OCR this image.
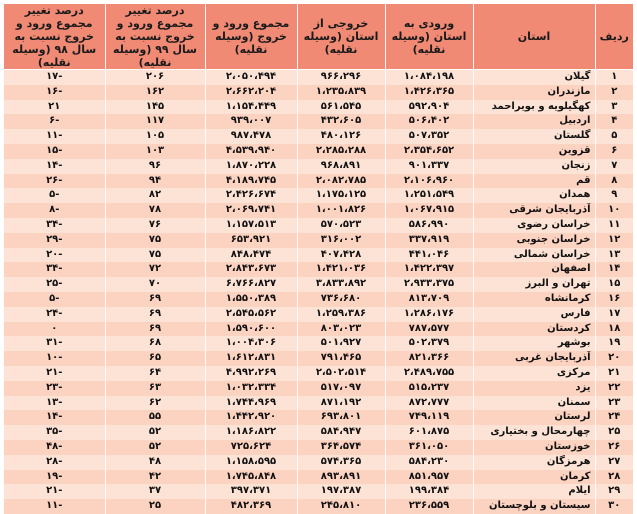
ردیف	استان	ورودی به استان (وسیله نقلیه)	خروجی از استان (وسیله نقلیه)	مجموع ورود و خروج (وسیله نقلیه)	درصد تغییر مجموع ورود و خروج نسبت به سال ۹۹ (وسیله نقلیه)	درصد تغییر مجموع ورود و خروج نسبت به سال ۹۸ (وسیله نقلیه)
۱	گیلان	۱،۰۸۴،۱۹۸	۹۶۶،۲۹۶	۲،۰۵۰،۴۹۴	۲۰۶	-۱۷
۲	مازندران	۱،۴۲۶،۳۶۵	۱،۲۳۵،۸۳۹	۲،۶۶۲،۲۰۴	۱۶۲	-۱۶
۳	کهگیلویه و بویراحمد	۵۹۲،۹۰۴	۵۶۱،۵۴۵	۱،۱۵۴،۴۴۹	۱۴۵	۲۱
۴	اردبیل	۵۰۶،۴۰۲	۴۳۲،۶۰۵	۹۳۹،۰۰۷	۱۱۷	-۶
۵	گلستان	۵۰۷،۳۵۲	۴۸۰،۱۲۶	۹۸۷،۴۷۸	۱۰۵	-۱۱
۶	قزوین	۲،۳۵۴،۶۵۲	۲،۲۸۵،۲۸۸	۴،۵۳۹،۹۴۰	۱۰۳	-۱۵
۷	زنجان	۹۰۱،۳۳۷	۹۶۸،۸۹۱	۱،۸۷۰،۲۲۸	۹۶	-۱۴
۸	قم	۲،۱۰۶،۹۶۰	۲،۰۸۲،۷۸۵	۴،۱۸۹،۷۴۵	۹۴	-۲۶
۹	همدان	۱،۲۵۱،۵۴۹	۱،۱۷۵،۱۲۵	۲،۴۲۶،۶۷۴	۸۲	-۵
۱۰	آذربایجان شرقی	۱،۰۶۷،۹۱۵	۱،۰۰۱،۸۲۶	۲،۰۶۹،۷۴۱	۷۸	-۸
۱۱	خراسان رضوی	۵۸۶،۹۹۰	۵۷۰،۵۲۳	۱،۱۵۷،۵۱۳	۷۶	-۳۴
۱۲	خراسان جنوبی	۳۳۷،۹۱۹	۳۱۶،۰۰۲	۶۵۳،۹۲۱	۷۵	-۲۹
۱۳	خراسان شمالی	۴۴۱،۰۴۶	۴۰۷،۴۲۸	۸۴۸،۴۷۴	۷۵	-۲۰
۱۴	اصفهان	۱،۴۲۲،۳۹۷	۱،۴۲۱،۰۳۶	۲،۸۴۳،۶۷۳	۷۲	-۳۴
۱۵	تهران و البرز	۲،۹۳۳،۳۷۵	۳،۸۳۳،۸۹۲	۶،۷۶۶،۸۲۷	۷۰	-۲۵
۱۶	کرمانشاه	۸۱۳،۷۰۹	۷۳۶،۶۸۰	۱،۵۵۰،۳۸۹	۶۹	-۵
۱۷	فارس	۱،۲۸۶،۱۷۶	۱،۲۵۹،۳۸۶	۲،۵۴۵،۵۶۲	۶۹	-۲۴
۱۸	کردستان	۷۸۷،۵۷۷	۸۰۳،۰۲۳	۱،۵۹۰،۶۰۰	۶۹	۰
۱۹	بوشهر	۵۰۲،۳۷۹	۵۰۱،۹۲۷	۱،۰۰۴،۳۰۶	۶۸	-۳۱
۲۰	آذربایجان غربی	۸۲۱،۳۶۶	۷۹۱،۴۶۵	۱،۶۱۲،۸۳۱	۶۵	-۱۰
۲۱	مرکزی	۲،۴۸۹،۷۵۵	۲،۵۰۲،۵۱۴	۴،۹۹۲،۲۶۹	۶۴	-۲۱
۲۲	یزد	۵۱۵،۲۳۷	۵۱۷،۰۹۷	۱،۰۳۲،۳۳۴	۶۳	-۲۳
۲۳	سمنان	۸۷۲،۷۷۷	۸۷۱،۱۹۲	۱،۷۴۴،۹۶۹	۶۲	-۱۳
۲۴	لرستان	۷۴۹،۱۱۹	۶۹۳،۸۰۱	۱،۴۴۲،۹۲۰	۵۵	-۱۴
۲۵	چهارمحال و بختیاری	۶۰۱،۸۷۵	۵۸۴،۹۴۷	۱،۱۸۶،۸۲۲	۵۲	-۳۵
۲۶	خوزستان	۳۶۱،۰۵۰	۳۶۴،۵۷۴	۷۲۵،۶۲۴	۵۲	-۴۸
۲۷	هرمزگان	۵۸۴،۲۳۰	۵۷۴،۳۶۵	۱،۱۵۸،۵۹۵	۴۸	-۲۸
۲۸	کرمان	۸۵۱،۹۵۷	۸۹۳،۸۹۱	۱،۷۴۵،۸۴۸	۴۲	-۱۹
۲۹	ایلام	۱۹۹،۳۸۴	۱۹۷،۳۸۷	۳۹۷،۳۷۱	۳۷	-۲۱
۳۰	سیستان و بلوچستان	۲۳۶،۵۵۹	۲۴۵،۸۱۰	۴۸۲،۳۶۹	۲۵	-۱۱
